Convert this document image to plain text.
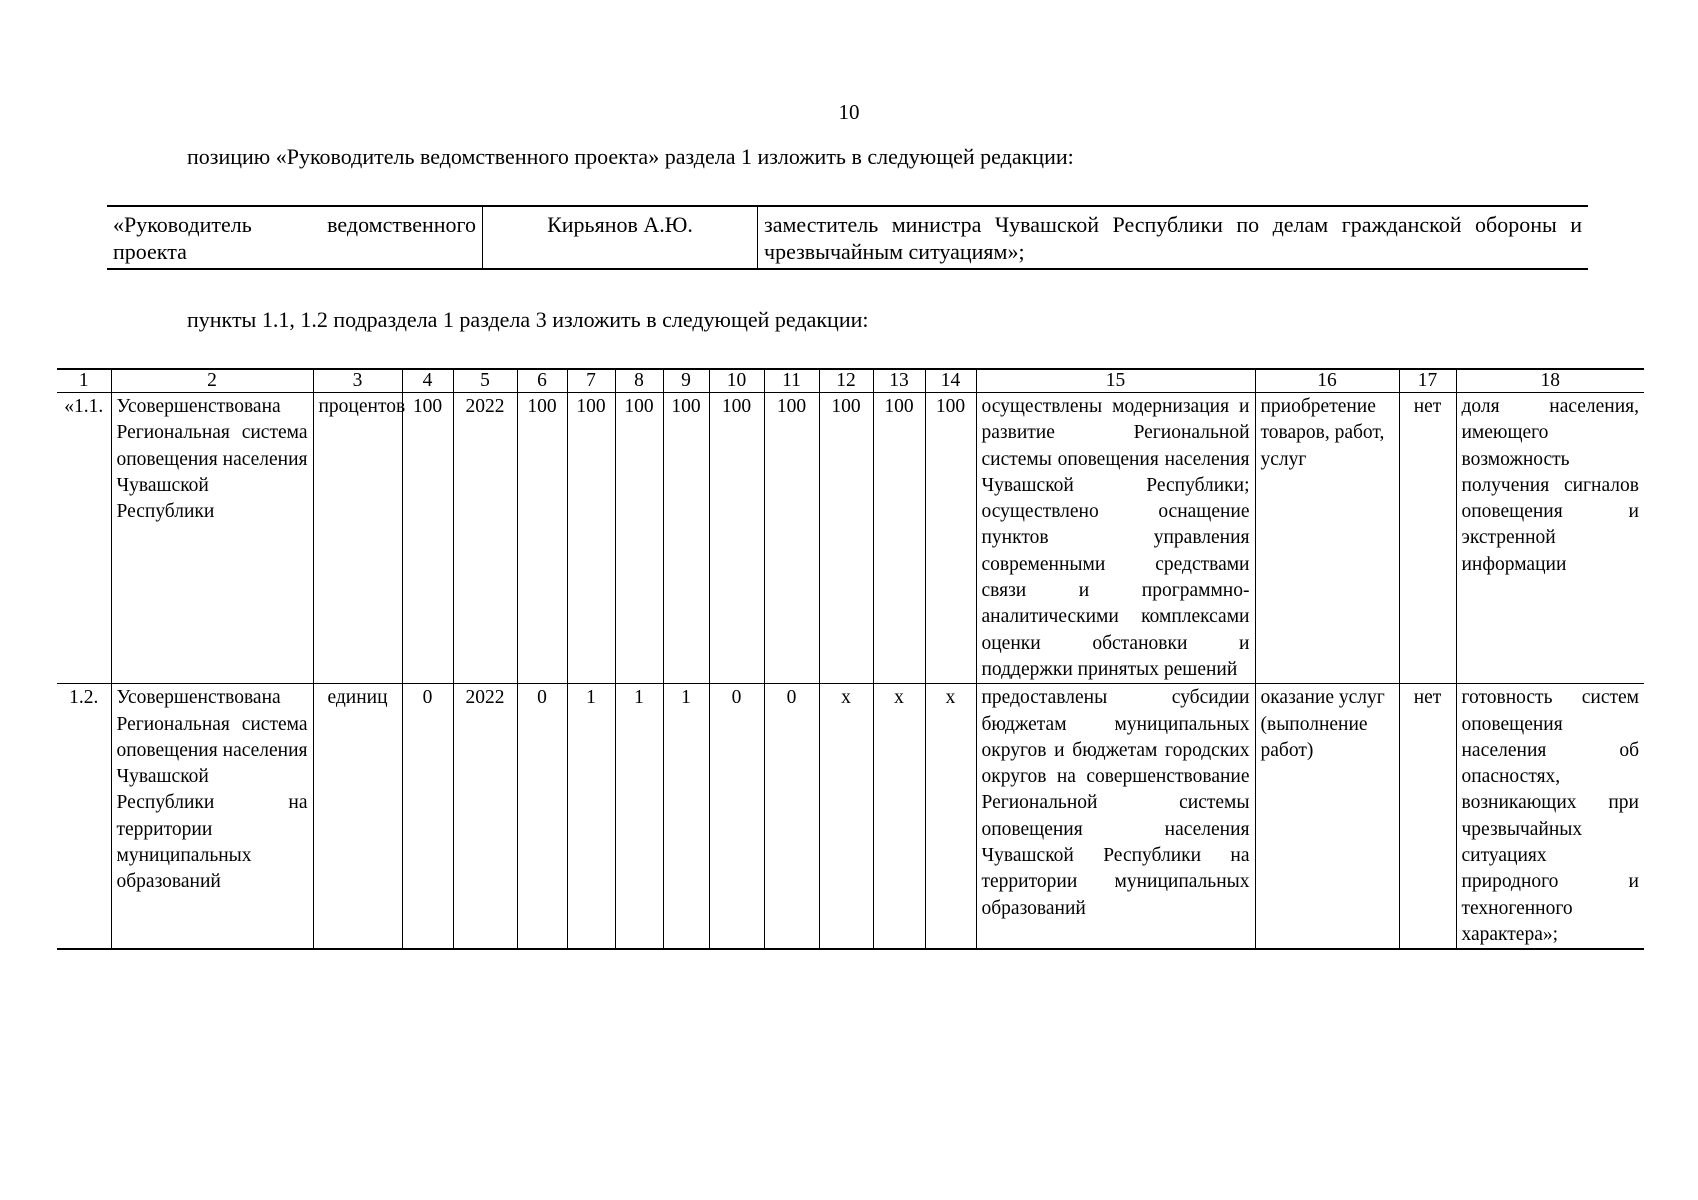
10
позицию «Руководитель ведомственного проекта» раздела 1 изложить в следующей редакции:
«Руководитель ведомственного
проекта
	Кирьянов А.Ю.	заместитель министра Чувашской Республики по делам гражданской обороны и чрезвычайным ситуациям»;
пункты 1.1, 1.2 подраздела 1 раздела 3 изложить в следующей редакции:
1	2	3	4	5	6	7	8	9	10	11	12	13	14	15	16	17	18
«1.1.	Усовершенствована Региональная система оповещения населения Чувашской Республики	процентов	100	2022	100	100	100	100	100	100	100	100	100	осуществлены модернизация и развитие Региональной системы оповещения населения Чувашской Республики; осуществлено оснащение пунктов управления современными средствами связи и программно-аналитическими комплексами оценки обстановки и поддержки принятых решений	приобретение товаров, работ, услуг	нет	доля населения, имеющего возможность получения сигналов оповещения и экстренной информации
1.2.	Усовершенствована Региональная система оповещения населения Чувашской Республики на территории муниципальных образований	единиц	0	2022	0	1	1	1	0	0	х	х	х	предоставлены субсидии бюджетам муниципальных округов и бюджетам городских округов на совершенствование Региональной системы оповещения населения Чувашской Республики на территории муниципальных образований	оказание услуг (выполнение работ)	нет	готовность систем оповещения населения об опасностях, возникающих при чрезвычайных ситуациях природного и техногенного характера»;
